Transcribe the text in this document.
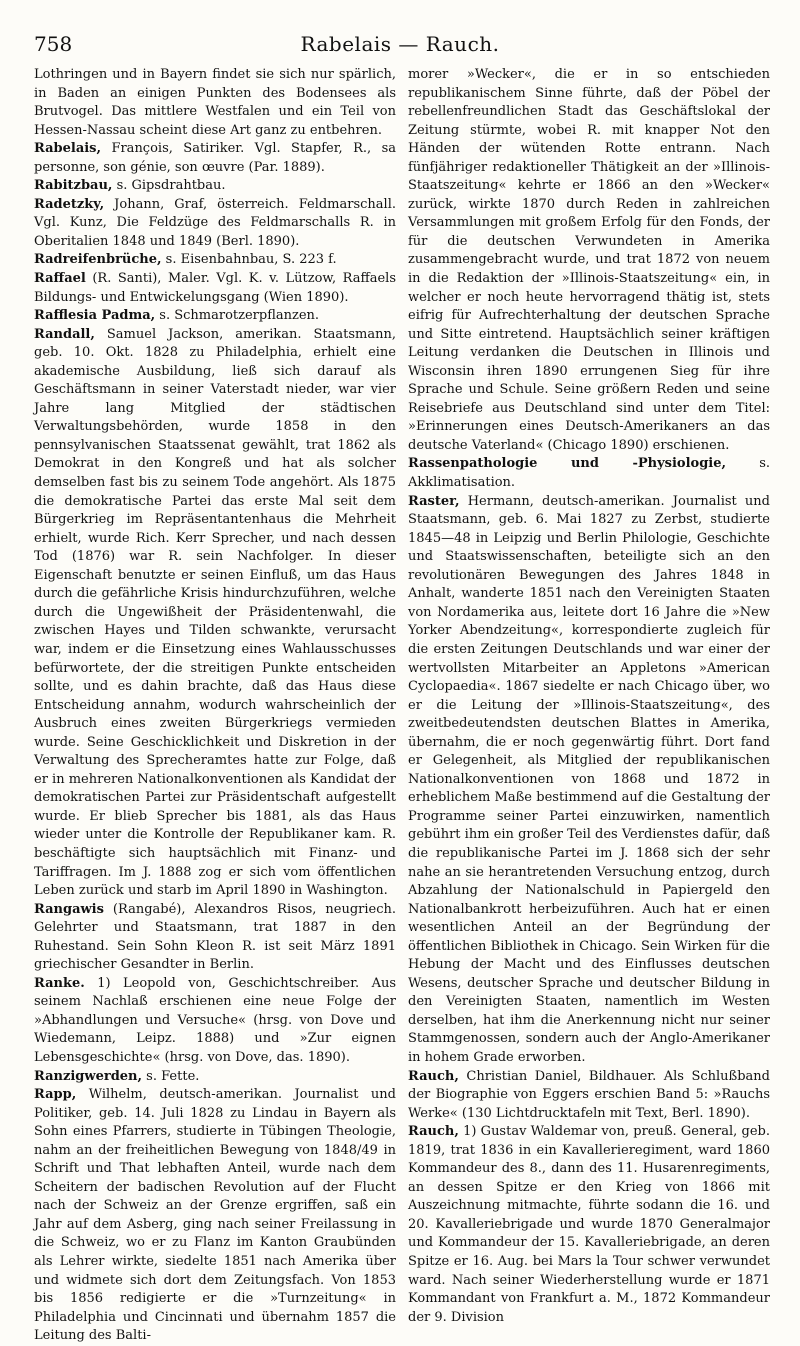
758	Rabelais — Rauch.

Lothringen und in Bayern findet sie sich nur spärlich, in Baden an einigen Punkten des Bodensees als Brutvogel. Das mittlere Westfalen und ein Teil von Hessen-Nassau scheint diese Art ganz zu entbehren.

Rabelais, François, Satiriker. Vgl. Stapfer, R., sa personne, son génie, son œuvre (Par. 1889).

Rabitzbau, s. Gipsdrahtbau.

Radetzky, Johann, Graf, österreich. Feldmarschall. Vgl. Kunz, Die Feldzüge des Feldmarschalls R. in Oberitalien 1848 und 1849 (Berl. 1890).

Radreifenbrüche, s. Eisenbahnbau, S. 223 f.

Raffael (R. Santi), Maler. Vgl. K. v. Lützow, Raffaels Bildungs- und Entwickelungsgang (Wien 1890).

Rafflesia Padma, s. Schmarotzerpflanzen.

Randall, Samuel Jackson, amerikan. Staatsmann, geb. 10. Okt. 1828 zu Philadelphia, erhielt eine akademische Ausbildung, ließ sich darauf als Geschäftsmann in seiner Vaterstadt nieder, war vier Jahre lang Mitglied der städtischen Verwaltungsbehörden, wurde 1858 in den pennsylvanischen Staatssenat gewählt, trat 1862 als Demokrat in den Kongreß und hat als solcher demselben fast bis zu seinem Tode angehört. Als 1875 die demokratische Partei das erste Mal seit dem Bürgerkrieg im Repräsentantenhaus die Mehrheit erhielt, wurde Rich. Kerr Sprecher, und nach dessen Tod (1876) war R. sein Nachfolger. In dieser Eigenschaft benutzte er seinen Einfluß, um das Haus durch die gefährliche Krisis hindurchzuführen, welche durch die Ungewißheit der Präsidentenwahl, die zwischen Hayes und Tilden schwankte, verursacht war, indem er die Einsetzung eines Wahlausschusses befürwortete, der die streitigen Punkte entscheiden sollte, und es dahin brachte, daß das Haus diese Entscheidung annahm, wodurch wahrscheinlich der Ausbruch eines zweiten Bürgerkriegs vermieden wurde. Seine Geschicklichkeit und Diskretion in der Verwaltung des Sprecheramtes hatte zur Folge, daß er in mehreren Nationalkonventionen als Kandidat der demokratischen Partei zur Präsidentschaft aufgestellt wurde. Er blieb Sprecher bis 1881, als das Haus wieder unter die Kontrolle der Republikaner kam. R. beschäftigte sich hauptsächlich mit Finanz- und Tariffragen. Im J. 1888 zog er sich vom öffentlichen Leben zurück und starb im April 1890 in Washington.

Rangawis (Rangabé), Alexandros Risos, neugriech. Gelehrter und Staatsmann, trat 1887 in den Ruhestand. Sein Sohn Kleon R. ist seit März 1891 griechischer Gesandter in Berlin.

Ranke. 1) Leopold von, Geschichtschreiber. Aus seinem Nachlaß erschienen eine neue Folge der »Abhandlungen und Versuche« (hrsg. von Dove und Wiedemann, Leipz. 1888) und »Zur eignen Lebensgeschichte« (hrsg. von Dove, das. 1890).

Ranzigwerden, s. Fette.

Rapp, Wilhelm, deutsch-amerikan. Journalist und Politiker, geb. 14. Juli 1828 zu Lindau in Bayern als Sohn eines Pfarrers, studierte in Tübingen Theologie, nahm an der freiheitlichen Bewegung von 1848/49 in Schrift und That lebhaften Anteil, wurde nach dem Scheitern der badischen Revolution auf der Flucht nach der Schweiz an der Grenze ergriffen, saß ein Jahr auf dem Asberg, ging nach seiner Freilassung in die Schweiz, wo er zu Flanz im Kanton Graubünden als Lehrer wirkte, siedelte 1851 nach Amerika über und widmete sich dort dem Zeitungsfach. Von 1853 bis 1856 redigierte er die »Turnzeitung« in Philadelphia und Cincinnati und übernahm 1857 die Leitung des Balti-

morer »Wecker«, die er in so entschieden republikanischem Sinne führte, daß der Pöbel der rebellenfreundlichen Stadt das Geschäftslokal der Zeitung stürmte, wobei R. mit knapper Not den Händen der wütenden Rotte entrann. Nach fünfjähriger redaktioneller Thätigkeit an der »Illinois-Staatszeitung« kehrte er 1866 an den »Wecker« zurück, wirkte 1870 durch Reden in zahlreichen Versammlungen mit großem Erfolg für den Fonds, der für die deutschen Verwundeten in Amerika zusammengebracht wurde, und trat 1872 von neuem in die Redaktion der »Illinois-Staatszeitung« ein, in welcher er noch heute hervorragend thätig ist, stets eifrig für Aufrechterhaltung der deutschen Sprache und Sitte eintretend. Hauptsächlich seiner kräftigen Leitung verdanken die Deutschen in Illinois und Wisconsin ihren 1890 errungenen Sieg für ihre Sprache und Schule. Seine größern Reden und seine Reisebriefe aus Deutschland sind unter dem Titel: »Erinnerungen eines Deutsch-Amerikaners an das deutsche Vaterland« (Chicago 1890) erschienen.

Rassenpathologie und -Physiologie, s. Akklimatisation.

Raster, Hermann, deutsch-amerikan. Journalist und Staatsmann, geb. 6. Mai 1827 zu Zerbst, studierte 1845—48 in Leipzig und Berlin Philologie, Geschichte und Staatswissenschaften, beteiligte sich an den revolutionären Bewegungen des Jahres 1848 in Anhalt, wanderte 1851 nach den Vereinigten Staaten von Nordamerika aus, leitete dort 16 Jahre die »New Yorker Abendzeitung«, korrespondierte zugleich für die ersten Zeitungen Deutschlands und war einer der wertvollsten Mitarbeiter an Appletons »American Cyclopaedia«. 1867 siedelte er nach Chicago über, wo er die Leitung der »Illinois-Staatszeitung«, des zweitbedeutendsten deutschen Blattes in Amerika, übernahm, die er noch gegenwärtig führt. Dort fand er Gelegenheit, als Mitglied der republikanischen Nationalkonventionen von 1868 und 1872 in erheblichem Maße bestimmend auf die Gestaltung der Programme seiner Partei einzuwirken, namentlich gebührt ihm ein großer Teil des Verdienstes dafür, daß die republikanische Partei im J. 1868 sich der sehr nahe an sie herantretenden Versuchung entzog, durch Abzahlung der Nationalschuld in Papiergeld den Nationalbankrott herbeizuführen. Auch hat er einen wesentlichen Anteil an der Begründung der öffentlichen Bibliothek in Chicago. Sein Wirken für die Hebung der Macht und des Einflusses deutschen Wesens, deutscher Sprache und deutscher Bildung in den Vereinigten Staaten, namentlich im Westen derselben, hat ihm die Anerkennung nicht nur seiner Stammgenossen, sondern auch der Anglo-Amerikaner in hohem Grade erworben.

Rauch, Christian Daniel, Bildhauer. Als Schlußband der Biographie von Eggers erschien Band 5: »Rauchs Werke« (130 Lichtdrucktafeln mit Text, Berl. 1890).

Rauch, 1) Gustav Waldemar von, preuß. General, geb. 1819, trat 1836 in ein Kavallerieregiment, ward 1860 Kommandeur des 8., dann des 11. Husarenregiments, an dessen Spitze er den Krieg von 1866 mit Auszeichnung mitmachte, führte sodann die 16. und 20. Kavalleriebrigade und wurde 1870 Generalmajor und Kommandeur der 15. Kavalleriebrigade, an deren Spitze er 16. Aug. bei Mars la Tour schwer verwundet ward. Nach seiner Wiederherstellung wurde er 1871 Kommandant von Frankfurt a. M., 1872 Kommandeur der 9. Division
